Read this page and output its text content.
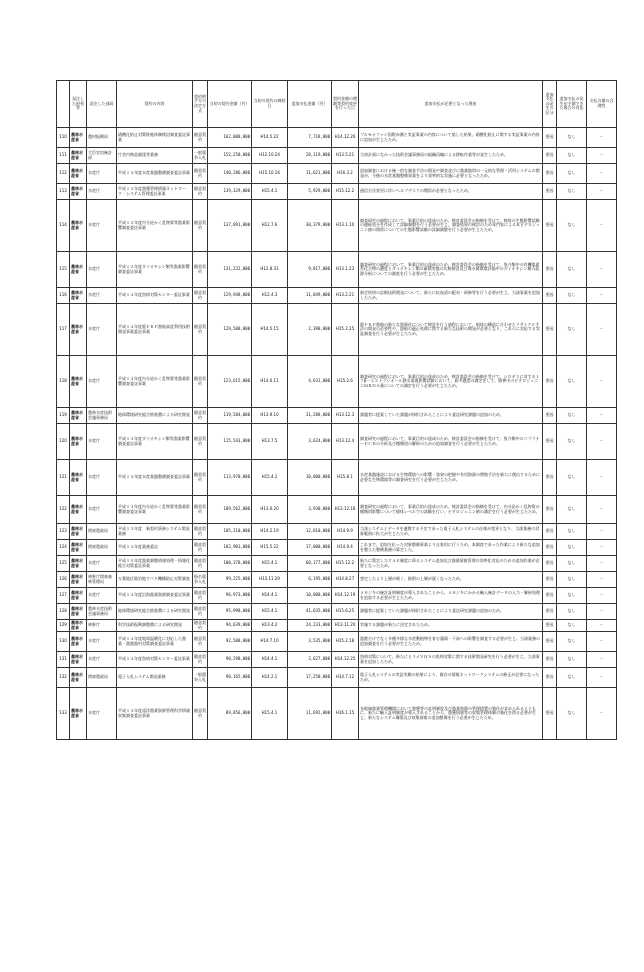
	発注した府省等	発注した部局	契約の内容	契約相手方の決定方式	当初の契約金額（円）	当初の契約の締結日	追加支払金額（円）	契約金額の増額等契約変更を行った日	追加支払が必要となった理由	追加支払の発生の区分	追加支払の発生が予測できた場合の対応	支払の額の合理性
110	農林水産省	農村振興局	硝酸化防止対策推進体制検討調査委託事業	随意契約	162,000,000	H14.5.22	7,718,000	H14.12.26	プルモナファン国際赤潮と実証事業の内容について協した結果、硝酸化防止に関する実証事業の内容に追加が生じたため。	要因	なし	－
111	農林水産省	大臣官房統計部	庁舎内物品調達等業務	一般競争入札	152,250,000	H12.10.24	28,119,000	H13.5.21	当初計画になかった技術会議事務局の組織再編による移転作業等が発生したため。	要因	なし	－
112	農林水産省	水産庁	平成１５年度水産基盤整備調査委託事業	随意契約	140,286,000	H15.10.16	11,621,000	H16.3.2	追加調査における統一的な調査手法の開発や調査並びに漁業地帯の一元的な管理・活用システムの開発が、今後の水産基盤整備事業をより効率的な実施に必要となったため。	要因	なし	－
113	農林水産省	水産庁	平成１５年度漁獲管理情報ネットワーク・システム管理委託事業	随意契約	139,329,000	H15.4.1	5,929,000	H15.12.2	通信方法変更に伴いヘルプデスクの増員が必要となったため。	要因	なし	－
114	農林水産省	水産庁	平成１２年度内分泌かく乱物質等漁業影響調査委託事業	随意契約	137,891,000	H12.7.6	30,379,000	H13.1.10	調査研究の過程において、事業目的の達成のため、検討委員会の指摘を受けて、検体の生態影響試験の連続処分を作成して詳細調整を行う必要が生じ、調査結果の検討のため専門家による本ビテロジェニン値の関係についての生態影響試験の詳細調整を行う必要が生じたため。	要因	なし	－
115	農林水産省	水産庁	平成１２年度ダイオキシン類等漁業影響調査委託事業	随意契約	131,232,000	H12.8.31	9,817,000	H13.1.23	調査研究の過程において、事業目的の達成のため、検討委員会の指摘を受けて、魚介類中の有機塩素系化合物の濃度とダイオキシン類の蓄積実態の比較検討及び海水棲環境評価中のダイオキシン類の起源分析についての調査を行う必要が生じたため。	要因	なし	－
116	農林水産省	水産庁	平成１４年度魚病対策センター委託事業	随意契約	129,948,000	H12.4.3	11,049,000	H13.2.21	新定疾病の診断技術開発について、新たに抗血清の配布・研修等を行う必要が生じ、当該事業を追加したため。	要因	なし	－
117	農林水産省	水産庁	平成１４年度廃ＦＲＰ漁船高度利用技術開発事業委託事業	随意契約	129,500,000	H14.5.15	2,390,000	H15.2.25	廃ＦＲＰ漁船の新たな資源化について検討を行う過程において、船体の構造に合わせたリサイクル手法の開発の必要性や、漁船の適正処理に関する新たな技術の開発が必要となり、これらに対応する実証調査を行う必要が生じたため。	要因	なし	－
118	農林水産省	水産庁	平成１４年度内分泌かく乱物質等漁業影響調査委託事業	随意契約	123,615,000	H14.6.11	4,631,000	H15.2.6	調査研究の過程において、事業目的の達成のため、検討委員会の指摘を受けて、シロギスに対する１７β－エストラジオール熱水溶液影響試験において、血中濃度の測定をして、卵黄中のビテロジェニンｍＲＮＡ量についての測定を行う必要が生じたため。	要因	なし	－
119	農林水産省	農林水産技術会議事務局	地球環境研究総合推進費による研究開発	随意契約	119,584,000	H13.9.10	31,288,000	H13.12.3	課題者に提案していた課題が採択されたことにより委託研究課題の追加のため。	要因	なし	－
120	農林水産省	水産庁	平成１３年度ダイオキシン類等漁業影響調査委託事業	随意契約	115,543,000	H13.7.5	3,624,000	H13.12.4	調査研究の過程において、事業目的の達成のため、検討委員会の指摘を受けて、魚介類中のコプラナーＰＣＢの分析及び種類別の解析のための追加調査を行う必要が生じたため。	要因	なし	－
121	農林水産省	水産庁	平成１５年度水産基盤整備調査委託事業	随意契約	113,970,000	H15.4.1	10,000,000	H15.8.1	水産基盤施設における生物環境への影響・効果の把握や有用資源の増殖手法を新たに創出するために必要な生物環境等の調査研究を行う必要が生じたため。	要因	なし	－
122	農林水産省	水産庁	平成１３年度内分泌かく乱物質等漁業影響調査委託事業	随意契約	109,562,000	H13.6.20	3,930,000	H13.12.18	調査研究の過程において、事業目的の達成のため、検討委員会の指摘を受けて、内分泌かく乱物質の種類別影響について個体レベルでの試験を行い、ビテロジェニン値の測定を行う必要が生じたため。	要因	なし	－
123	農林水産省	関東農政局	平成１３年度　新契約事務システム開発業務	随意契約	105,210,000	H14.2.19	12,810,000	H14.9.9	当該システムとデータを連携する予定であった電子入札システムの仕様が変更となり、当該業務の対象範囲に拡大が生じたため。	要因	なし	－
124	農林水産省	関東農政局	平成１５年度業務委託	随意契約	102,901,000	H15.5.22	17,000,000	H14.9.4	これまで、追加支払った対象整備事業より自家用に行うため、本調査であった作業により新たな追加を整えた整備業務の算定した。	要因	なし	－
125	農林水産省	水産庁	平成１５年度漁業調整情報処理・情報化総合対策委託事業	随意契約	100,378,000	H15.4.1	60,177,000	H15.12.2	新たに策定したＴＡＥ制度に係るシステム追加及び漁業情報管理の効率化対応のための追加作業が必要となったため。	要因	なし	－
126	農林水産省	林野庁関東森林管理局	万葉地区除泊地すべり機構防止対策調査	指名競争入札	99,225,000	H13.11.29	6,195,000	H14.8.27	想定したより上層が硬く、掘削の上層が遅くなったため。	要因	なし	－
127	農林水産省	水産庁	平成１４年度沿海漁業資源調査委託事業	随意契約	96,973,000	H14.4.1	10,800,000	H14.12.19	メカジキの統計証明制度が導入されたことから、メカジキにかかる輸入統計データの入力・解析処理を追加する必要が生じたため。	要因	なし	－
128	農林水産省	農林水産技術会議事務局	地球環境研究総合推進費による研究開発	随意契約	95,998,000	H15.4.1	41,635,000	H15.6.25	課題者に提案していた課題が採択されたことにより委託研究課題の追加のため。	要因	なし	－
129	農林水産省	林野庁	科学技術振興調整費による研究開発	随意契約	94,639,000	H13.4.2	24,233,000	H13.11.20	実施する課題が新たに決定されたため。	要因	なし	－
130	農林水産省	水産庁	平成１４年度地球温暖化に対応した漁業・漁港漁村対策調査委託事業	随意契約	92,500,000	H14.7.10	3,535,000	H15.2.18	漁港だけでなく多種多様な水産動植物を育む藻場・干潟への影響を調査する必要が生じ、当該業務の追加調査を行う必要が生じたため。	要因	なし	－
131	農林水産省	水産庁	平成１４年度魚病対策センター委託事業	随意契約	90,298,000	H14.4.1	2,627,000	H14.12.25	魚病対策について、新たにヒラメＶＨＳの魚病対策に関する技術開発研究を行う必要が生じ、当該事業を追加したため。	要因	なし	－
132	農林水産省	関東農政局	電子入札システム開発業務	一般競争入札	90,165,000	H14.2.1	17,250,000	H14.7.12	電子入札システムの実証実験の結果により、既存の情報ネットワークシステムの修正が必要になったため。	要因	なし	－
133	農林水産省	水産庁	平成１５年度遠洋漁業資源管理科学情報収集調査委託事業	随意契約	89,856,000	H15.4.1	11,692,000	H16.1.15	各地域漁業管理機関において漁獲等の証明制度及び漁業資源の管理措置の強化が求められるとともに、新たに輸入証明制度が導入されることから、漁獲情報等の収集管理体制の強化を図る必要が生じ、新たなシステム構築及び収集情報の追加整備を行う必要が生じたため。	要因	なし	－
